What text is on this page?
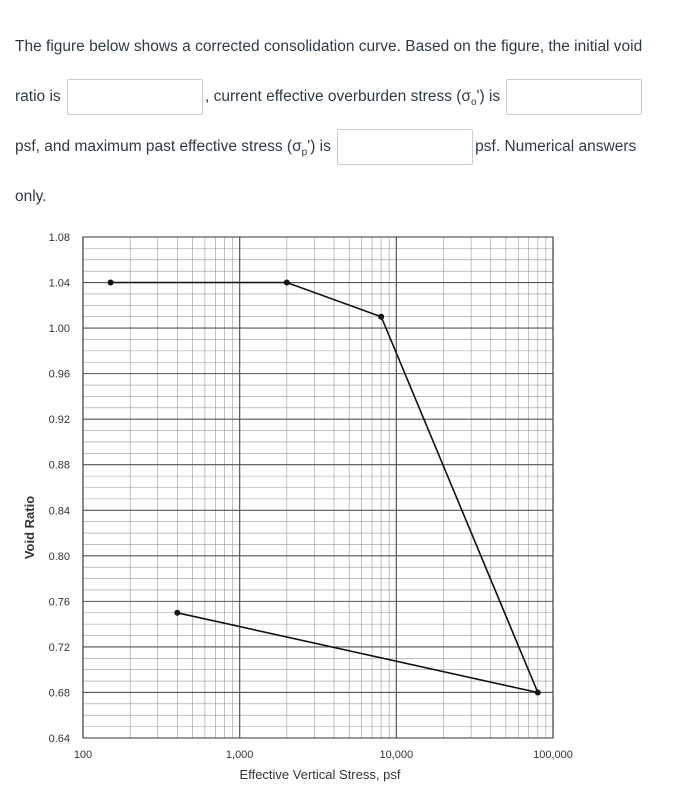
The figure below shows a corrected consolidation curve. Based on the figure, the initial void ratio is	, current effective overburden stress $(\sigma_o')$ is
psf, and maximum past effective stress $(\sigma_p')$ is	psf. Numerical answers only.
1.08
1.04
1.00
0.96
0.92
0.88
0.84
0.80
0.76
0.72
0.68
0.64
100	1,000	10,000	100,000
Effective Vertical Stress, psf
Void Ratio
